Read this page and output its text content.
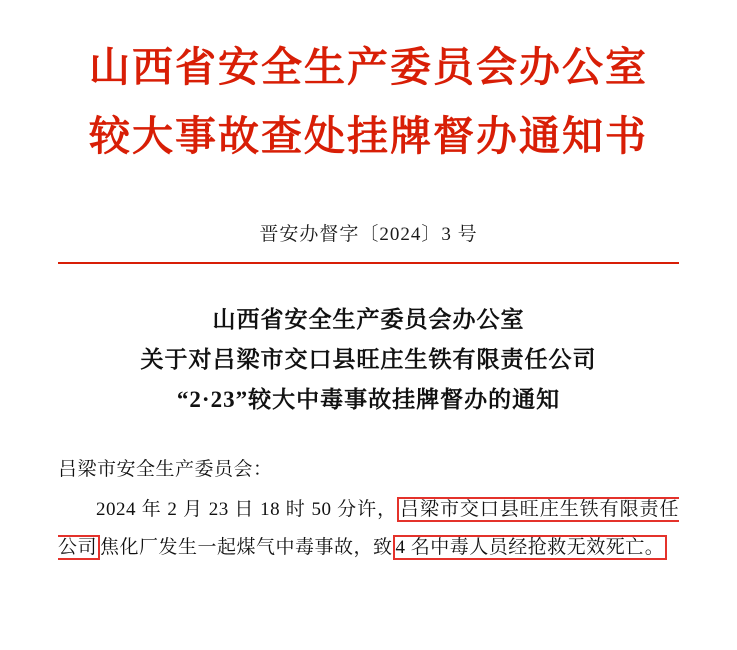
山西省安全生产委员会办公室
较大事故查处挂牌督办通知书
晋安办督字〔2024〕3 号
山西省安全生产委员会办公室
关于对吕梁市交口县旺庄生铁有限责任公司
“2·23”较大中毒事故挂牌督办的通知

吕梁市安全生产委员会：

2024 年 2 月 23 日 18 时 50 分许， 吕梁市交口县旺庄生铁有限责任公司 焦化厂发生一起煤气中毒事故，致 4 名中毒人员经抢救无效死亡。
